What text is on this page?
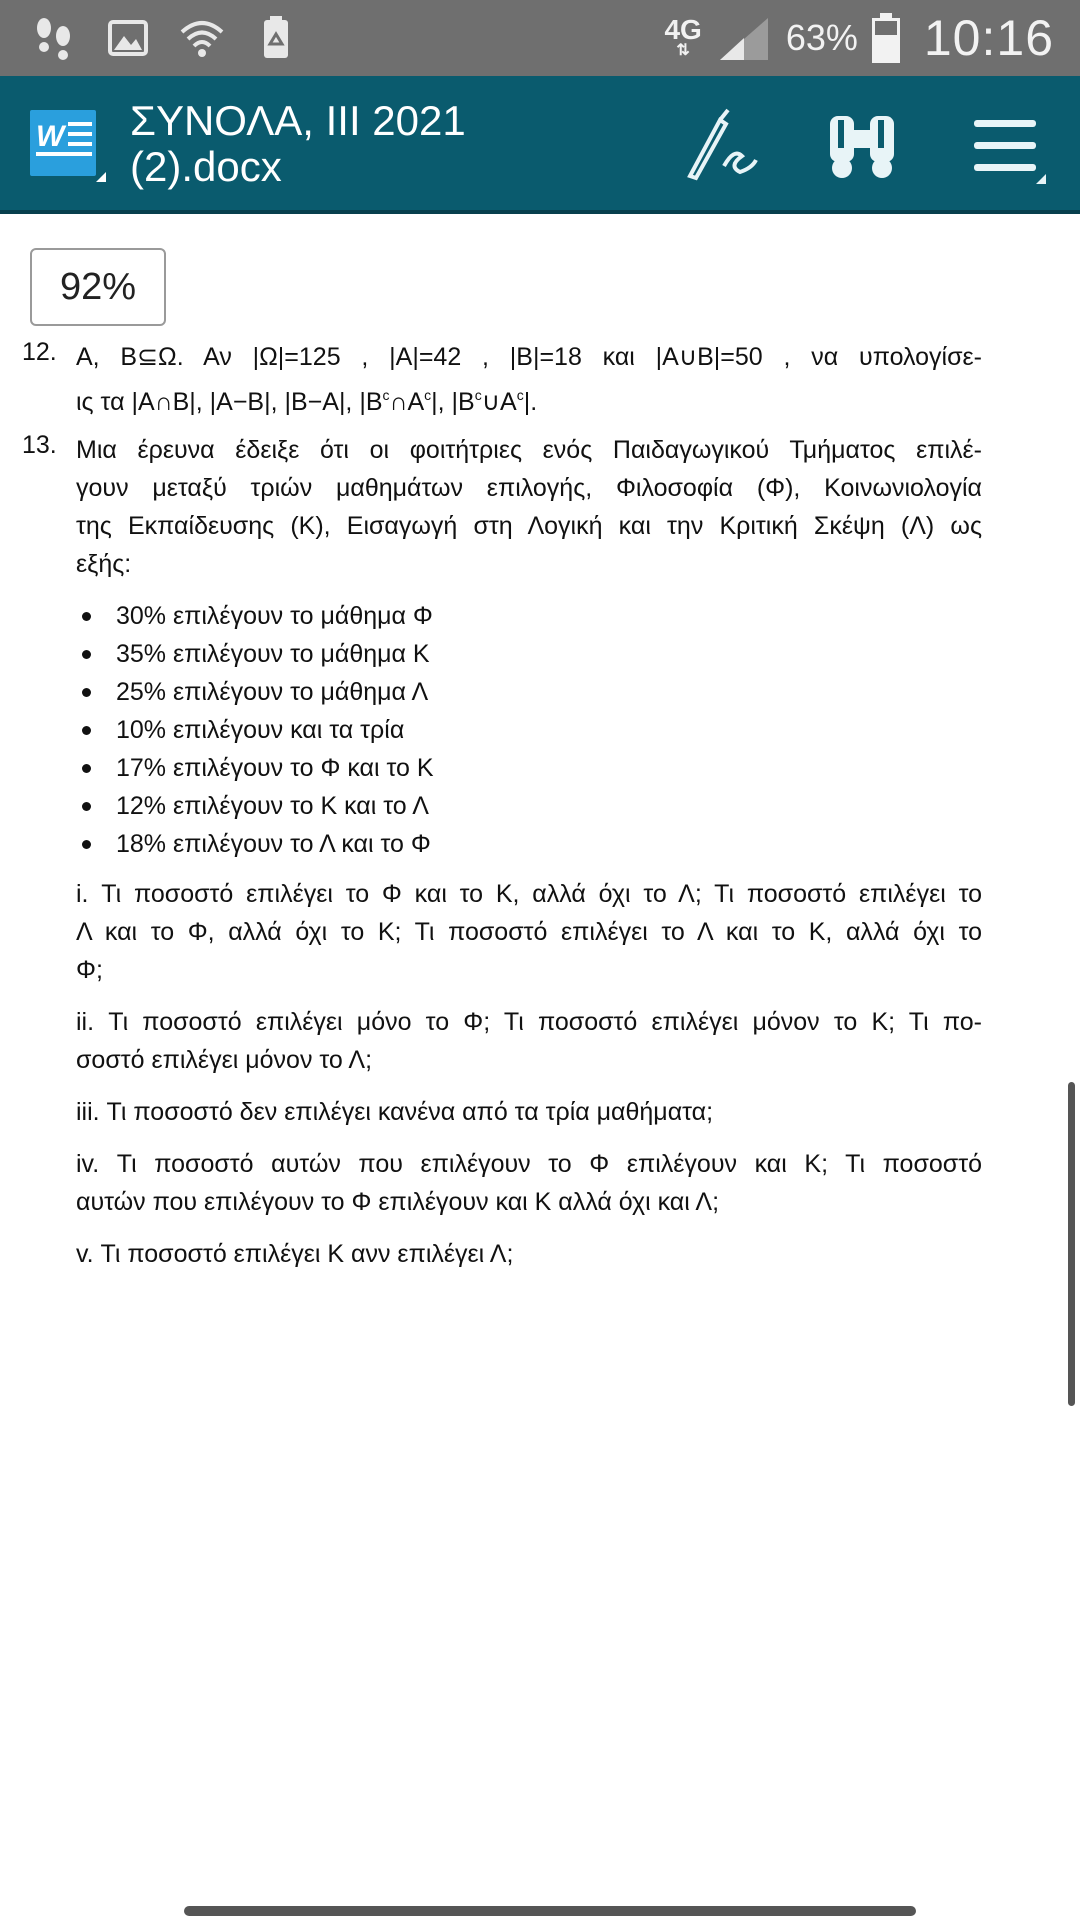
4G
⇅	63% 10:16
W ΣΥΝΟΛΑ, ΙΙΙ 2021
(2).docx
92%
12. A, B⊆Ω. Αν |Ω|=125 , |A|=42 , |B|=18 και |A∪B|=50 , να υπολογίσε-
ις τα |A∩B|, |A−B|, |B−A|, $|B^c\cap A^c|$, $|B^c\cup A^c|$.
13. Μια έρευνα έδειξε ότι οι φοιτήτριες ενός Παιδαγωγικού Τμήματος επιλέ-
γουν μεταξύ τριών μαθημάτων επιλογής, Φιλοσοφία (Φ), Κοινωνιολογία
της Εκπαίδευσης (Κ), Εισαγωγή στη Λογική και την Κριτική Σκέψη (Λ) ως
εξής:
30% επιλέγουν το μάθημα Φ
35% επιλέγουν το μάθημα Κ
25% επιλέγουν το μάθημα Λ
10% επιλέγουν και τα τρία
17% επιλέγουν το Φ και το Κ
12% επιλέγουν το Κ και το Λ
18% επιλέγουν το Λ και το Φ
i. Τι ποσοστό επιλέγει το Φ και το Κ, αλλά όχι το Λ; Τι ποσοστό επιλέγει το
Λ και το Φ, αλλά όχι το Κ; Τι ποσοστό επιλέγει το Λ και το Κ, αλλά όχι το
Φ;
ii. Τι ποσοστό επιλέγει μόνο το Φ; Τι ποσοστό επιλέγει μόνον το Κ; Τι πο-
σοστό επιλέγει μόνον το Λ;
iii. Τι ποσοστό δεν επιλέγει κανένα από τα τρία μαθήματα;
iv. Τι ποσοστό αυτών που επιλέγουν το Φ επιλέγουν και Κ; Τι ποσοστό
αυτών που επιλέγουν το Φ επιλέγουν και Κ αλλά όχι και Λ;
v. Τι ποσοστό επιλέγει Κ ανν επιλέγει Λ;
